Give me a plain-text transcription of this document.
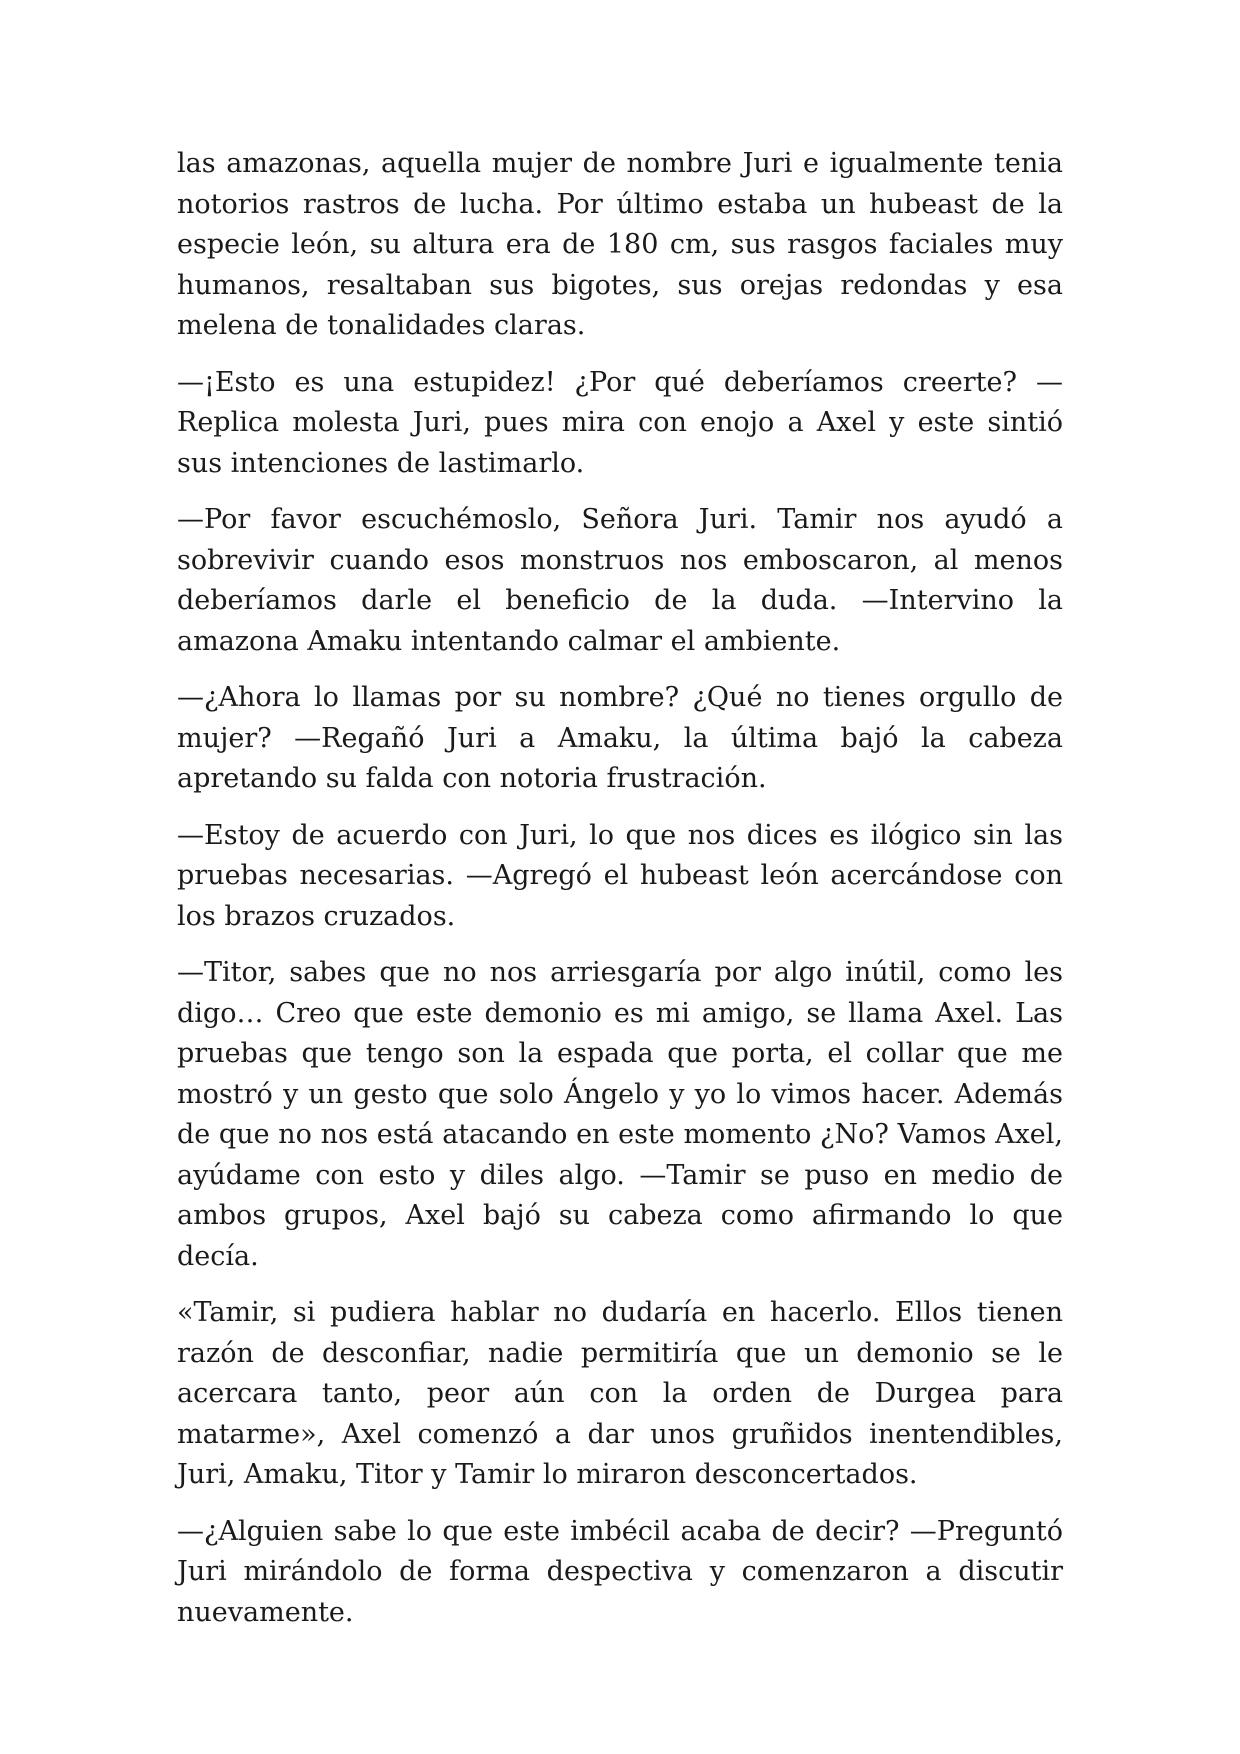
las amazonas, aquella mujer de nombre Juri e igualmente tenia notorios rastros de lucha. Por último estaba un hubeast de la especie león, su altura era de 180 cm, sus rasgos faciales muy humanos, resaltaban sus bigotes, sus orejas redondas y esa melena de tonalidades claras.

—¡Esto es una estupidez! ¿Por qué deberíamos creerte? —Replica molesta Juri, pues mira con enojo a Axel y este sintió sus intenciones de lastimarlo.

—Por favor escuchémoslo, Señora Juri. Tamir nos ayudó a sobrevivir cuando esos monstruos nos emboscaron, al menos deberíamos darle el beneficio de la duda. —Intervino la amazona Amaku intentando calmar el ambiente.

—¿Ahora lo llamas por su nombre? ¿Qué no tienes orgullo de mujer? —Regañó Juri a Amaku, la última bajó la cabeza apretando su falda con notoria frustración.

—Estoy de acuerdo con Juri, lo que nos dices es ilógico sin las pruebas necesarias. —Agregó el hubeast león acercándose con los brazos cruzados.

—Titor, sabes que no nos arriesgaría por algo inútil, como les digo… Creo que este demonio es mi amigo, se llama Axel. Las pruebas que tengo son la espada que porta, el collar que me mostró y un gesto que solo Ángelo y yo lo vimos hacer. Además de que no nos está atacando en este momento ¿No? Vamos Axel, ayúdame con esto y diles algo. —Tamir se puso en medio de ambos grupos, Axel bajó su cabeza como afirmando lo que decía.

«Tamir, si pudiera hablar no dudaría en hacerlo. Ellos tienen razón de desconfiar, nadie permitiría que un demonio se le acercara tanto, peor aún con la orden de Durgea para matarme», Axel comenzó a dar unos gruñidos inentendibles, Juri, Amaku, Titor y Tamir lo miraron desconcertados.

—¿Alguien sabe lo que este imbécil acaba de decir? —Preguntó Juri mirándolo de forma despectiva y comenzaron a discutir nuevamente.
